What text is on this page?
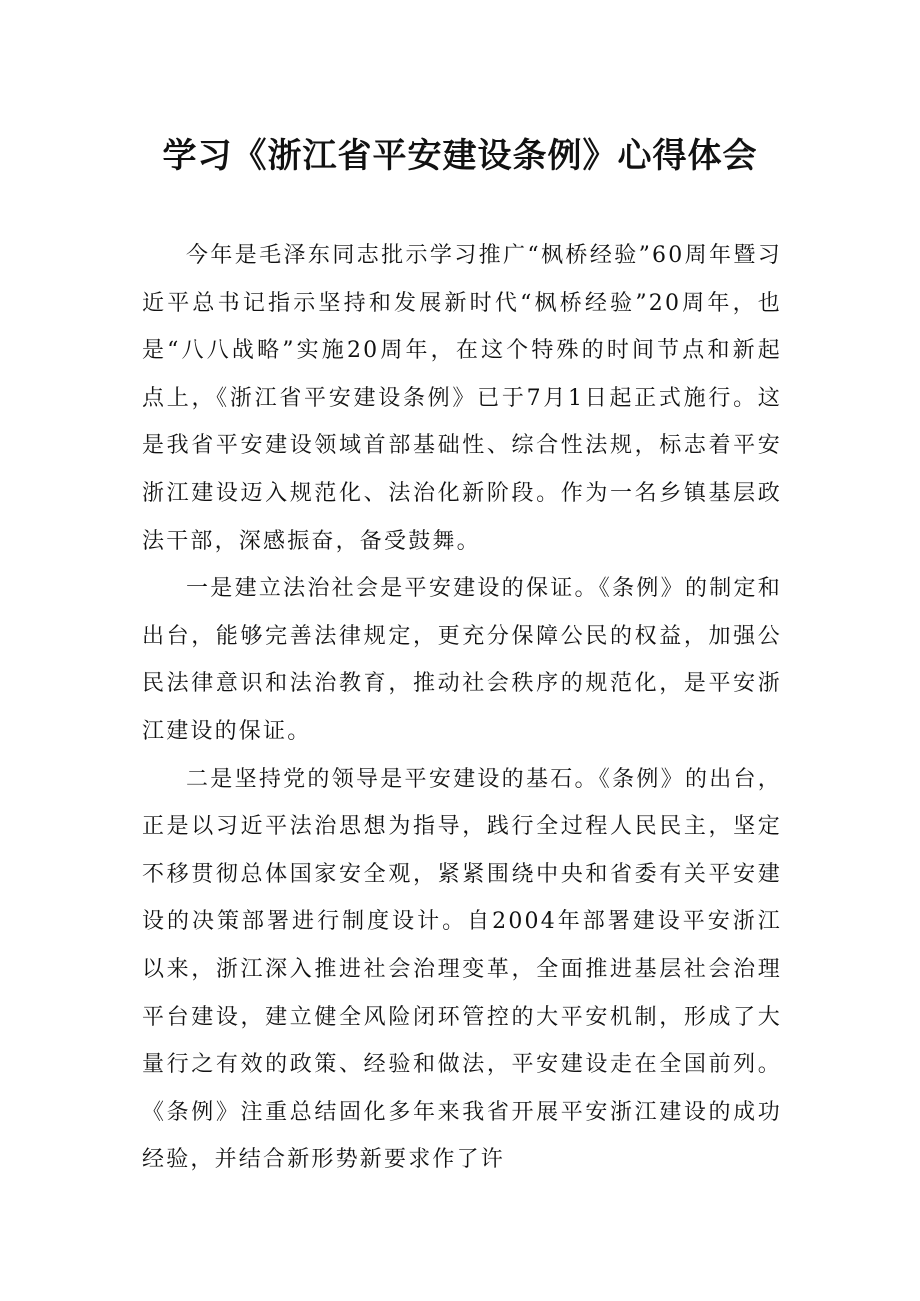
学习《浙江省平安建设条例》心得体会

今年是毛泽东同志批示学习推广“枫桥经验”60周年暨习近平总书记指示坚持和发展新时代“枫桥经验”20周年，也是“八八战略”实施20周年，在这个特殊的时间节点和新起点上，《浙江省平安建设条例》已于7月1日起正式施行。这是我省平安建设领域首部基础性、综合性法规，标志着平安浙江建设迈入规范化、法治化新阶段。作为一名乡镇基层政法干部，深感振奋，备受鼓舞。

一是建立法治社会是平安建设的保证。《条例》的制定和出台，能够完善法律规定，更充分保障公民的权益，加强公民法律意识和法治教育，推动社会秩序的规范化，是平安浙江建设的保证。

二是坚持党的领导是平安建设的基石。《条例》的出台，正是以习近平法治思想为指导，践行全过程人民民主，坚定不移贯彻总体国家安全观，紧紧围绕中央和省委有关平安建设的决策部署进行制度设计。自2004年部署建设平安浙江以来，浙江深入推进社会治理变革，全面推进基层社会治理平台建设，建立健全风险闭环管控的大平安机制，形成了大量行之有效的政策、经验和做法，平安建设走在全国前列。《条例》注重总结固化多年来我省开展平安浙江建设的成功经验，并结合新形势新要求作了许
